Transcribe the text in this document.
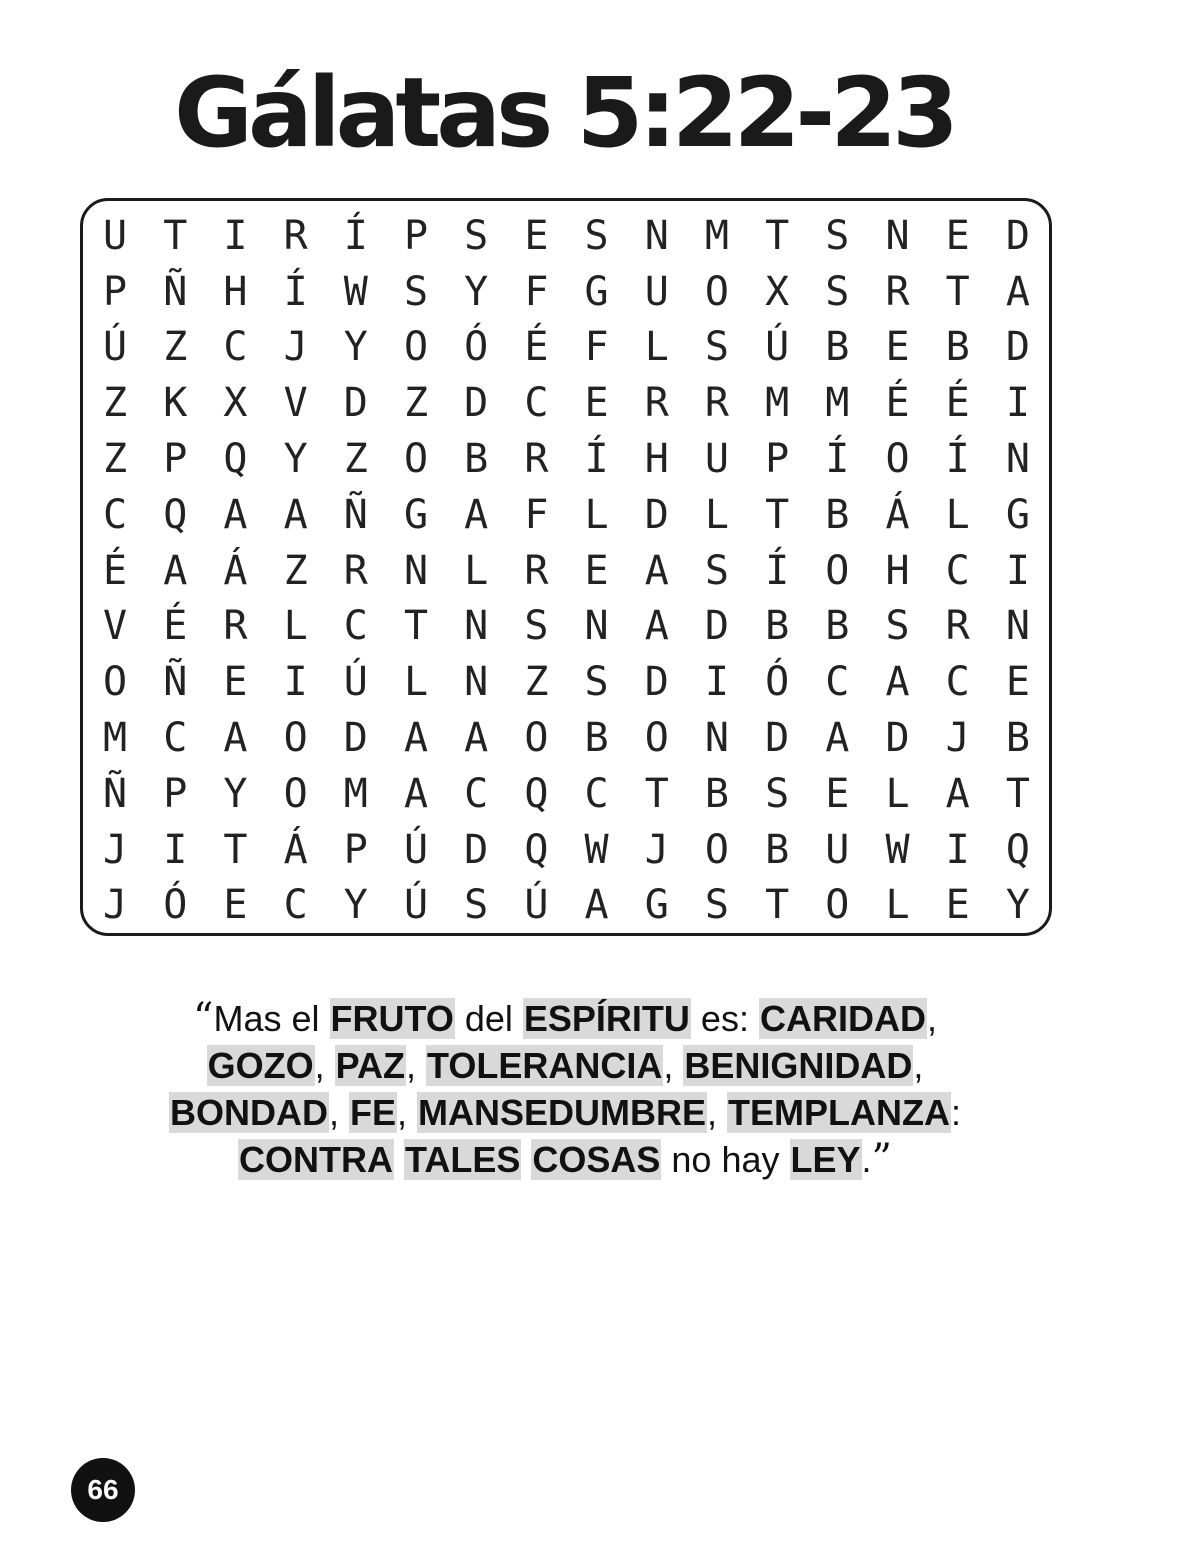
Gálatas 5:22-23
U T I R Í P S E S N M T S N E D
P Ñ H Í W S Y F G U O X S R T A
Ú Z C J Y O Ó É F L S Ú B E B D
Z K X V D Z D C E R R M M É É I
Z P Q Y Z O B R Í H U P Í O Í N
C Q A A Ñ G A F L D L T B Á L G
É A Á Z R N L R E A S Í O H C I
V É R L C T N S N A D B B S R N
O Ñ E I Ú L N Z S D I Ó C A C E
M C A O D A A O B O N D A D J B
Ñ P Y O M A C Q C T B S E L A T
J I T Á P Ú D Q W J O B U W I Q
J Ó E C Y Ú S Ú A G S T O L E Y
“Mas el FRUTO del ESPÍRITU es: CARIDAD,
GOZO, PAZ, TOLERANCIA, BENIGNIDAD,
BONDAD, FE, MANSEDUMBRE, TEMPLANZA:
CONTRA TALES COSAS no hay LEY.”
66
